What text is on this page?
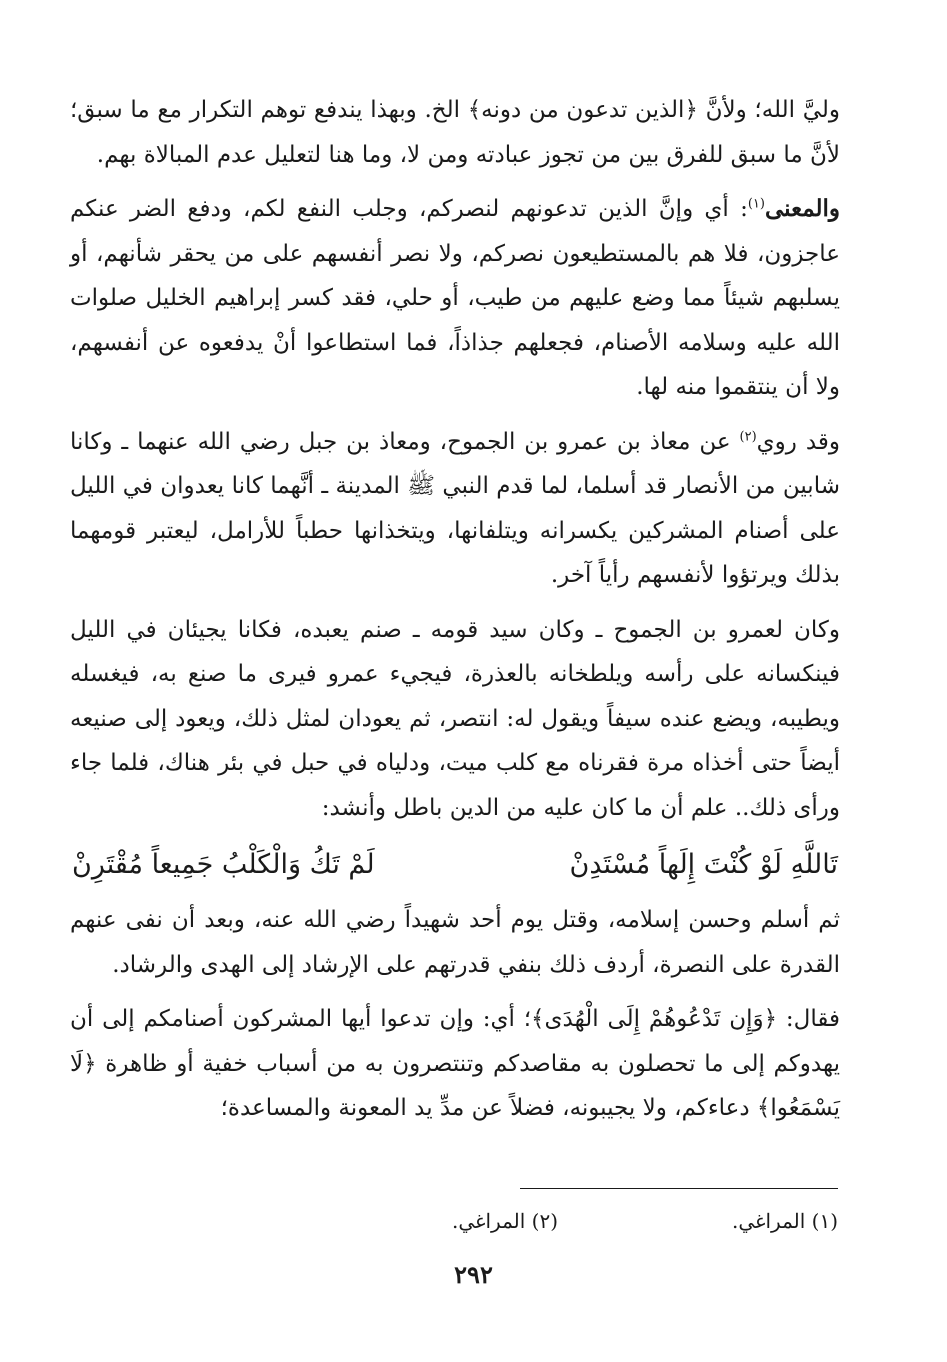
وليَّ الله؛ ولأنَّ ﴿الذين تدعون من دونه﴾ الخ. وبهذا يندفع توهم التكرار مع ما سبق؛ لأنَّ ما سبق للفرق بين من تجوز عبادته ومن لا، وما هنا لتعليل عدم المبالاة بهم.

والمعنى$^{(١)}$: أي وإنَّ الذين تدعونهم لنصركم، وجلب النفع لكم، ودفع الضر عنكم عاجزون، فلا هم بالمستطيعون نصركم، ولا نصر أنفسهم على من يحقر شأنهم، أو يسلبهم شيئاً مما وضع عليهم من طيب، أو حلي، فقد كسر إبراهيم الخليل صلوات الله عليه وسلامه الأصنام، فجعلهم جذاذاً، فما استطاعوا أنْ يدفعوه عن أنفسهم، ولا أن ينتقموا منه لها.

وقد روي$^{(٢)}$ عن معاذ بن عمرو بن الجموح، ومعاذ بن جبل رضي الله عنهما ـ وكانا شابين من الأنصار قد أسلما، لما قدم النبي ﷺ المدينة ـ أنَّهما كانا يعدوان في الليل على أصنام المشركين يكسرانه ويتلفانها، ويتخذانها حطباً للأرامل، ليعتبر قومهما بذلك ويرتؤوا لأنفسهم رأياً آخر.

وكان لعمرو بن الجموح ـ وكان سيد قومه ـ صنم يعبده، فكانا يجيئان في الليل فينكسانه على رأسه ويلطخانه بالعذرة، فيجيء عمرو فيرى ما صنع به، فيغسله ويطيبه، ويضع عنده سيفاً ويقول له: انتصر، ثم يعودان لمثل ذلك، ويعود إلى صنيعه أيضاً حتى أخذاه مرة فقرناه مع كلب ميت، ودلياه في حبل في بئر هناك، فلما جاء ورأى ذلك.. علم أن ما كان عليه من الدين باطل وأنشد:

تَاللَّهِ لَوْ كُنْتَ إِلَهاً مُسْتَدِنْ
لَمْ تَكُ وَالْكَلْبُ جَمِيعاً مُقْتَرِنْ

ثم أسلم وحسن إسلامه، وقتل يوم أحد شهيداً رضي الله عنه، وبعد أن نفى عنهم القدرة على النصرة، أردف ذلك بنفي قدرتهم على الإرشاد إلى الهدى والرشاد.

فقال: ﴿وَإِن تَدْعُوهُمْ إِلَى الْهُدَى﴾؛ أي: وإن تدعوا أيها المشركون أصنامكم إلى أن يهدوكم إلى ما تحصلون به مقاصدكم وتنتصرون به من أسباب خفية أو ظاهرة ﴿لَا يَسْمَعُوا﴾ دعاءكم، ولا يجيبونه، فضلاً عن مدِّ يد المعونة والمساعدة؛

(١) المراغي.
(٢) المراغي.
٢٩٢
